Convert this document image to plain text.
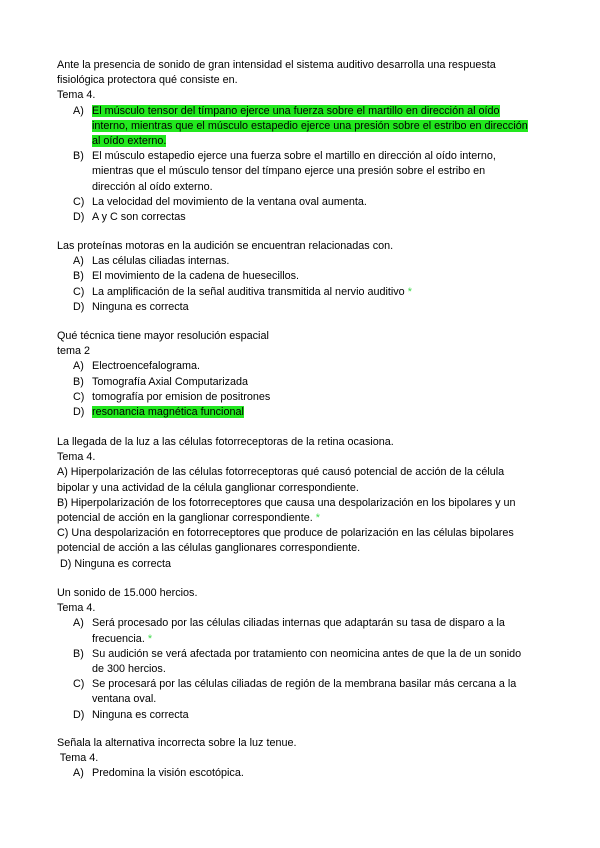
Ante la presencia de sonido de gran intensidad el sistema auditivo desarrolla una respuesta
fisiológica protectora qué consiste en.
Tema 4.
A) El músculo tensor del tímpano ejerce una fuerza sobre el martillo en dirección al oído
interno, mientras que el músculo estapedio ejerce una presión sobre el estribo en dirección
al oído externo.
B) El músculo estapedio ejerce una fuerza sobre el martillo en dirección al oído interno,
mientras que el músculo tensor del tímpano ejerce una presión sobre el estribo en
dirección al oído externo.
C) La velocidad del movimiento de la ventana oval aumenta.
D) A y C son correctas
Las proteínas motoras en la audición se encuentran relacionadas con.
A) Las células ciliadas internas.
B) El movimiento de la cadena de huesecillos.
C) La amplificación de la señal auditiva transmitida al nervio auditivo *
D) Ninguna es correcta
Qué técnica tiene mayor resolución espacial
tema 2
A) Electroencefalograma.
B) Tomografía Axial Computarizada
C) tomografía por emision de positrones
D) resonancia magnética funcional
La llegada de la luz a las células fotorreceptoras de la retina ocasiona.
Tema 4.
A) Hiperpolarización de las células fotorreceptoras qué causó potencial de acción de la célula
bipolar y una actividad de la célula ganglionar correspondiente.
B) Hiperpolarización de los fotorreceptores que causa una despolarización en los bipolares y un
potencial de acción en la ganglionar correspondiente. *
C) Una despolarización en fotorreceptores que produce de polarización en las células bipolares
potencial de acción a las células ganglionares correspondiente.
D) Ninguna es correcta
Un sonido de 15.000 hercios.
Tema 4.
A) Será procesado por las células ciliadas internas que adaptarán su tasa de disparo a la
frecuencia. *
B) Su audición se verá afectada por tratamiento con neomicina antes de que la de un sonido
de 300 hercios.
C) Se procesará por las células ciliadas de región de la membrana basilar más cercana a la
ventana oval.
D) Ninguna es correcta
Señala la alternativa incorrecta sobre la luz tenue.
Tema 4.
A) Predomina la visión escotópica.
